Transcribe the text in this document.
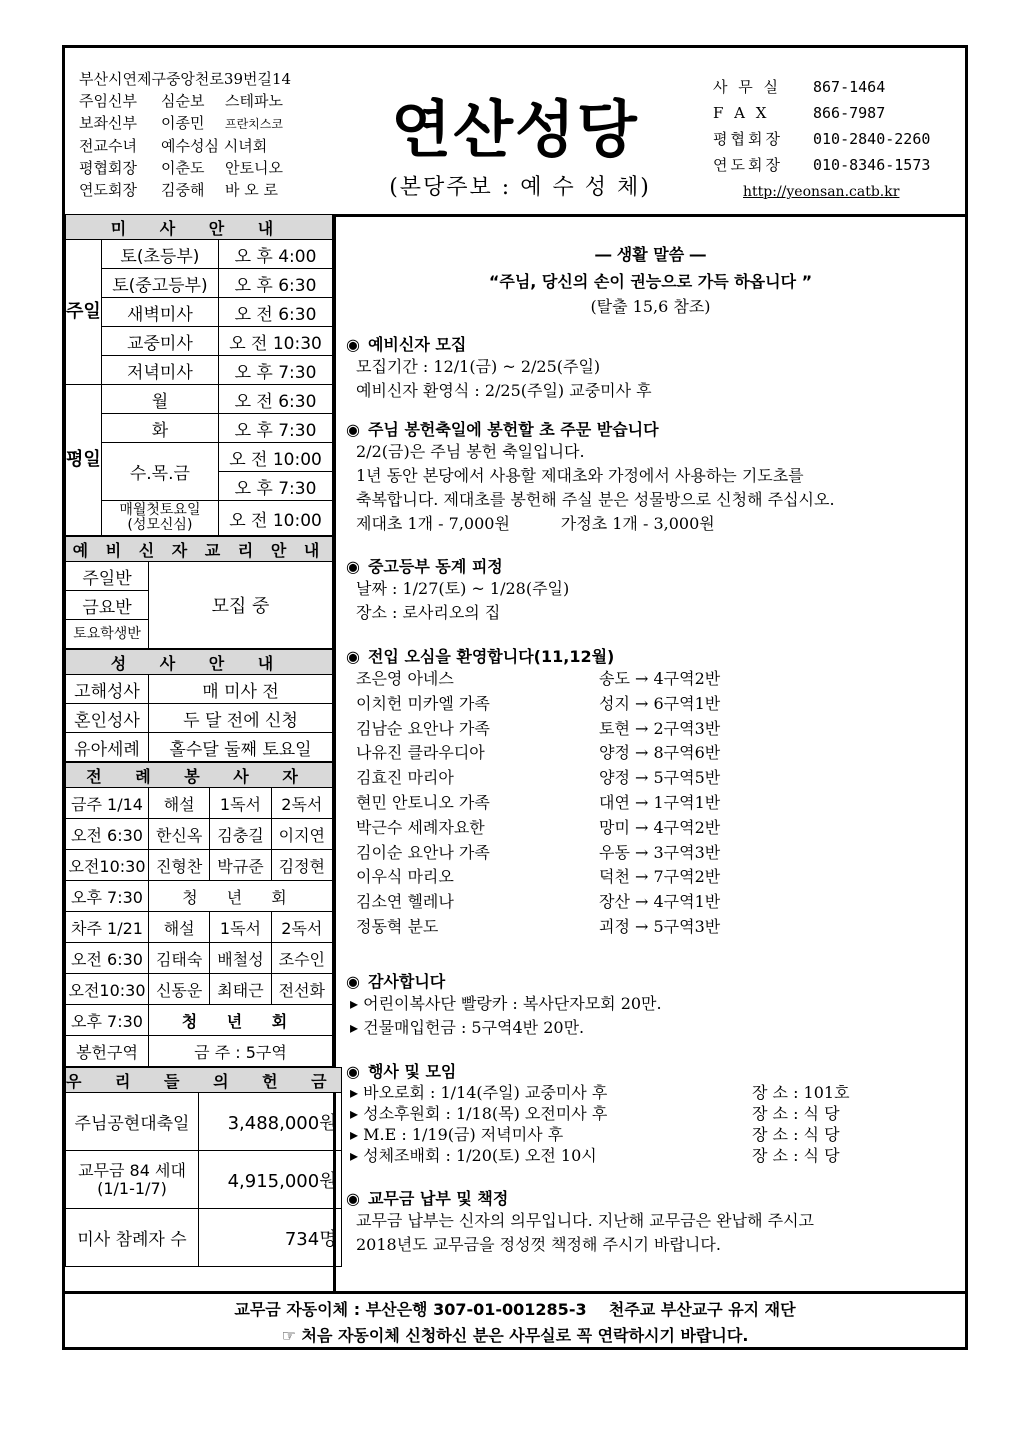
부산시연제구중앙천로39번길14
주임신부 심순보 스테파노
보좌신부 이종민 프란치스코
전교수녀 예수성심 시녀회
평협회장 이춘도 안토니오
연도회장 김중해 바 오 로
연산성당
(본당주보 : 예 수 성 체)
사 무 실 867-1464
F A X	866-7987
평협회장 010-2840-2260
연도회장 010-8346-1573
http://yeonsan.catb.kr
미 사 안 내		
주일	토(초등부)	오 후 4:00
	토(중고등부)	오 후 6:30
	새벽미사	오 전 6:30
	교중미사	오 전 10:30
	저녁미사	오 후 7:30
평일	월	오 전 6:30
	화	오 후 7:30
	수.목.금	오 전 10:00
		오 후 7:30
	매월첫토요일
(성모신심)	오 전 10:00
예 비 신 자 교 리 안 내
주일반	모집 중
금요반
토요학생반
성 사 안 내	
고해성사	매 미사 전
혼인성사	두 달 전에 신청
유아세례	홀수달 둘째 토요일
전 례 봉 사 자			
금주 1/14	해설	1독서	2독서
오전 6:30	한신옥	김충길	이지연
오전10:30	진형찬	박규준	김정현
오후 7:30	청 년 회		
차주 1/21	해설	1독서	2독서
오전 6:30	김태숙	배철성	조수인
오전10:30	신동운	최태근	전선화
오후 7:30	청 년 회		
봉헌구역	금 주 : 5구역		
우 리 들 의 헌 금	
주님공현대축일	3,488,000원
교무금 84 세대
(1/1-1/7)	4,915,000원
미사 참례자 수	734명
― 생활 말씀 ―
“주님, 당신의 손이 권능으로 가득 하옵니다 ”
(탈출 15,6 참조)
◉ 예비신자 모집

모집기간 : 12/1(금) ~ 2/25(주일)

예비신자 환영식 : 2/25(주일) 교중미사 후

◉ 주님 봉헌축일에 봉헌할 초 주문 받습니다

2/2(금)은 주님 봉헌 축일입니다.

1년 동안 본당에서 사용할 제대초와 가정에서 사용하는 기도초를

축복합니다. 제대초를 봉헌해 주실 분은 성물방으로 신청해 주십시오.

제대초 1개 - 7,000원          가정초 1개 - 3,000원

◉ 중고등부 동계 피정

날짜 : 1/27(토) ~ 1/28(주일)

장소 : 로사리오의 집

◉ 전입 오심을 환영합니다(11,12월)
조은영 아네스	송도 → 4구역2반
이치헌 미카엘 가족	성지 → 6구역1반
김남순 요안나 가족	토현 → 2구역3반
나유진 클라우디아	양정 → 8구역6반
김효진 마리아	양정 → 5구역5반
현민 안토니오 가족	대연 → 1구역1반
박근수 세례자요한	망미 → 4구역2반
김이순 요안나 가족	우동 → 3구역3반
이우식 마리오	덕천 → 7구역2반
김소연 헬레나	장산 → 4구역1반
정동혁 분도	괴정 → 5구역3반
◉ 감사합니다

▸ 어린이복사단 빨랑카 : 복사단자모회 20만.

▸ 건물매입헌금 : 5구역4반 20만.

◉ 행사 및 모임
▸ 바오로회 : 1/14(주일) 교중미사 후	장 소 : 101호
▸ 성소후원회 : 1/18(목) 오전미사 후	장 소 : 식 당
▸ M.E : 1/19(금) 저녁미사 후	장 소 : 식 당
▸ 성체조배회 : 1/20(토) 오전 10시	장 소 : 식 당
◉ 교무금 납부 및 책정

교무금 납부는 신자의 의무입니다. 지난해 교무금은 완납해 주시고

2018년도 교무금을 정성껏 책정해 주시기 바랍니다.

교무금 자동이체 : 부산은행 307-01-001285-3    천주교 부산교구 유지 재단
☞ 처음 자동이체 신청하신 분은 사무실로 꼭 연락하시기 바랍니다.
